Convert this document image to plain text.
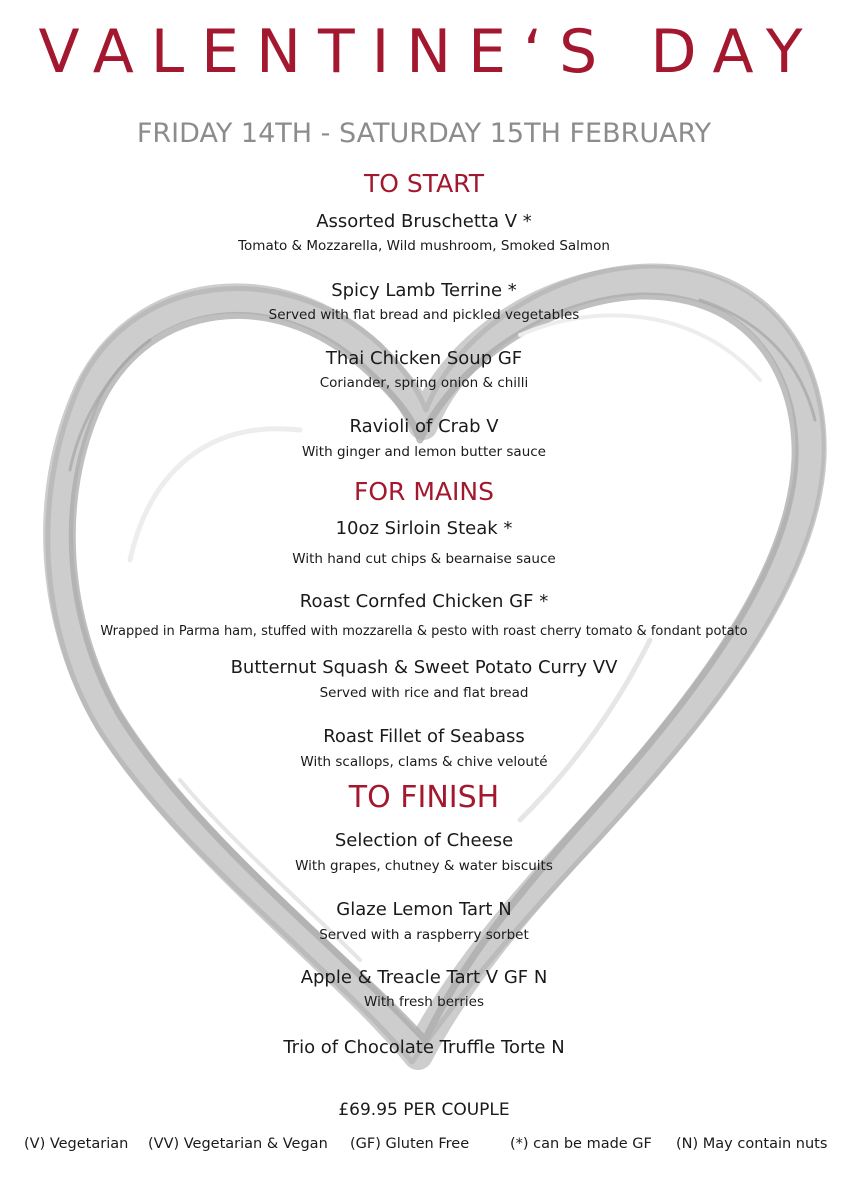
VALENTINE‘S DAY
FRIDAY 14TH - SATURDAY 15TH FEBRUARY
TO START
Assorted Bruschetta V *
Tomato & Mozzarella, Wild mushroom, Smoked Salmon
Spicy Lamb Terrine *
Served with flat bread and pickled vegetables
Thai Chicken Soup GF
Coriander, spring onion & chilli
Ravioli of Crab V
With ginger and lemon butter sauce
FOR MAINS
10oz Sirloin Steak *
With hand cut chips & bearnaise sauce
Roast Cornfed Chicken GF *
Wrapped in Parma ham, stuffed with mozzarella & pesto with roast cherry tomato & fondant potato
Butternut Squash & Sweet Potato Curry VV
Served with rice and flat bread
Roast Fillet of Seabass
With scallops, clams & chive velouté
TO FINISH
Selection of Cheese
With grapes, chutney & water biscuits
Glaze Lemon Tart N
Served with a raspberry sorbet
Apple & Treacle Tart V GF N
With fresh berries
Trio of Chocolate Truffle Torte N
£69.95 PER COUPLE
(V) Vegetarian (VV) Vegetarian & Vegan (GF) Gluten Free	(*) can be made GF (N) May contain nuts
